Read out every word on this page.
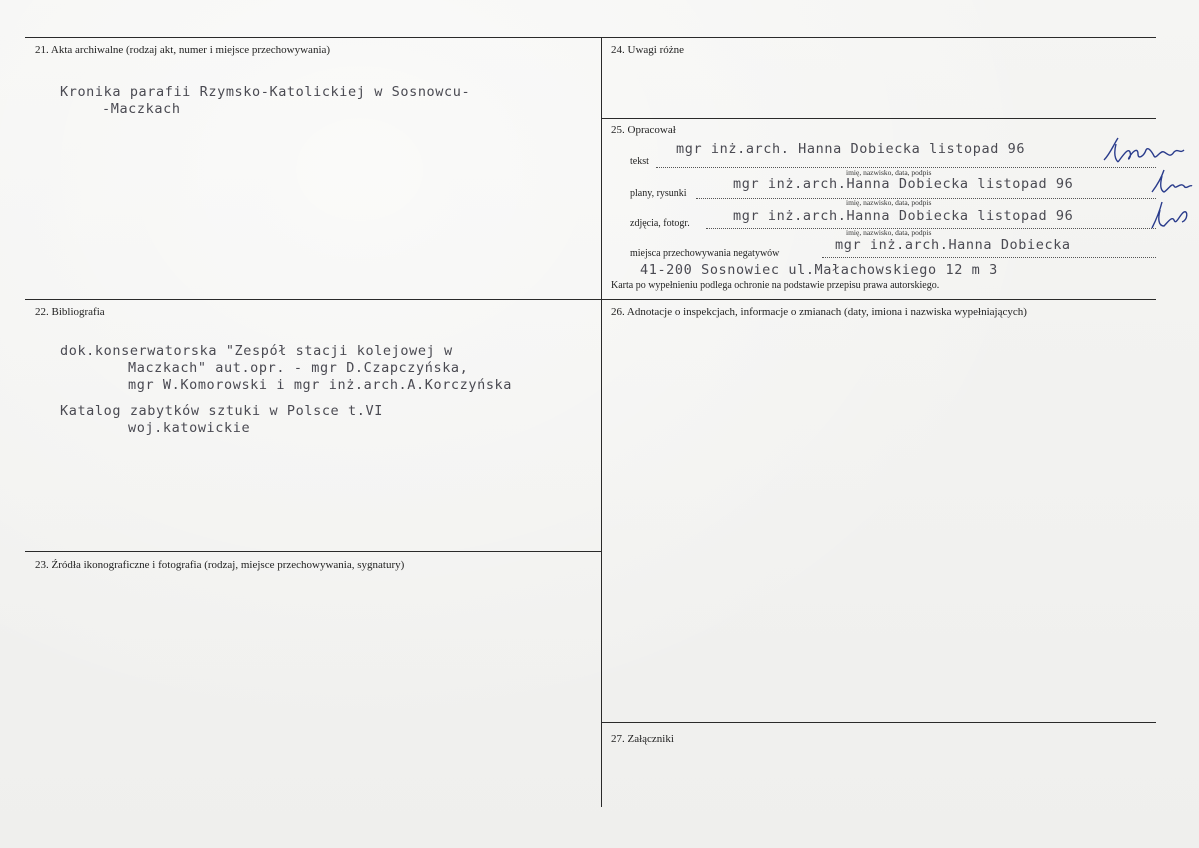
21. Akta archiwalne (rodzaj akt, numer i miejsce przechowywania)
Kronika parafii Rzymsko-Katolickiej w Sosnowcu-
-Maczkach
22. Bibliografia
dok.konserwatorska "Zespół stacji kolejowej w
Maczkach" aut.opr. - mgr D.Czapczyńska,
mgr W.Komorowski i mgr inż.arch.A.Korczyńska
Katalog zabytków sztuki w Polsce t.VI
woj.katowickie
23. Źródła ikonograficzne i fotografia (rodzaj, miejsce przechowywania, sygnatury)
24. Uwagi różne
25. Opracował
tekst
mgr inż.arch. Hanna Dobiecka listopad 96
imię, nazwisko, data, podpis
plany, rysunki
mgr inż.arch.Hanna Dobiecka listopad 96
imię, nazwisko, data, podpis
zdjęcia, fotogr.	mgr inż.arch.Hanna Dobiecka listopad 96
imię, nazwisko, data, podpis
miejsca przechowywania negatywów
mgr inż.arch.Hanna Dobiecka
41-200 Sosnowiec ul.Małachowskiego 12 m 3
Karta po wypełnieniu podlega ochronie na podstawie przepisu prawa autorskiego.
26. Adnotacje o inspekcjach, informacje o zmianach (daty, imiona i nazwiska wypełniających)
27. Załączniki
